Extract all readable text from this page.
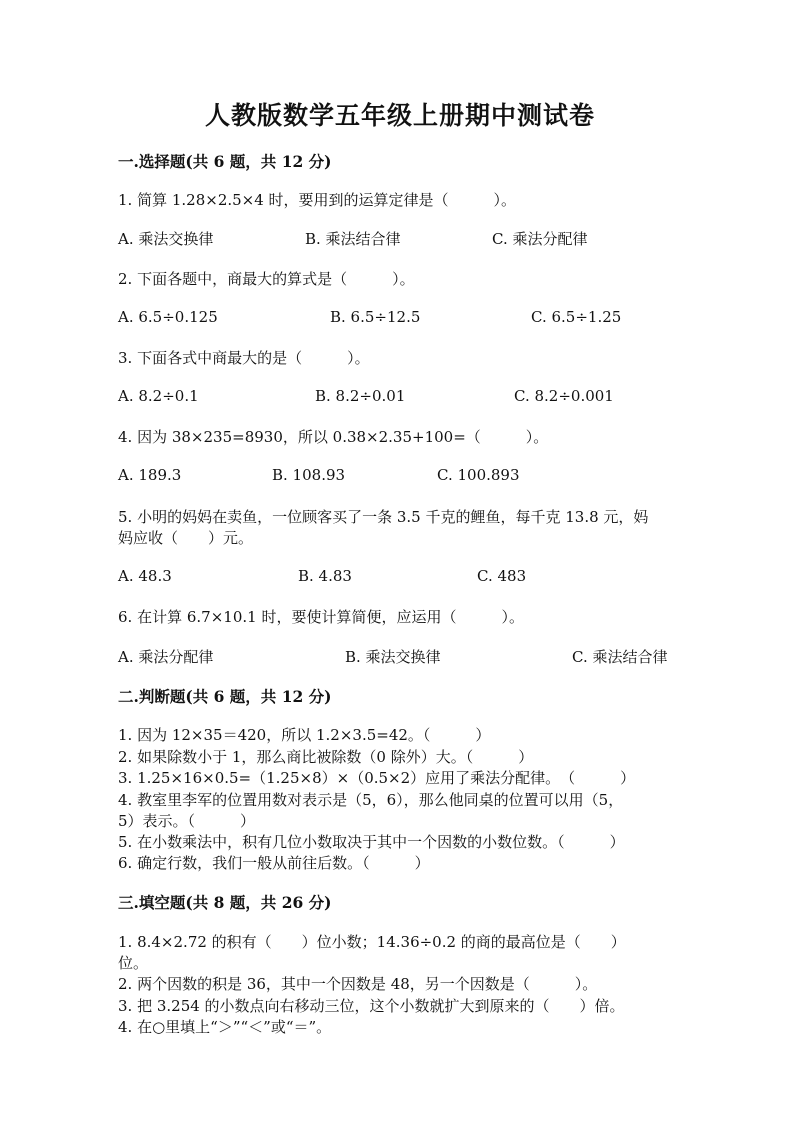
人教版数学五年级上册期中测试卷
一.选择题(共 6 题，共 12 分)
1. 简算 1.28×2.5×4 时，要用到的运算定律是（　　　）。
A. 乘法交换律	B. 乘法结合律	C. 乘法分配律
2. 下面各题中，商最大的算式是（　　　）。
A. 6.5÷0.125	B. 6.5÷12.5	C. 6.5÷1.25
3. 下面各式中商最大的是（　　　）。
A. 8.2÷0.1	B. 8.2÷0.01	C. 8.2÷0.001
4. 因为 38×235=8930，所以 0.38×2.35+100=（　　　）。
A. 189.3	B. 108.93	C. 100.893
5. 小明的妈妈在卖鱼，一位顾客买了一条 3.5 千克的鲤鱼，每千克 13.8 元，妈
妈应收（　　）元。
A. 48.3	B. 4.83	C. 483
6. 在计算 6.7×10.1 时，要使计算简便，应运用（　　　）。
A. 乘法分配律	B. 乘法交换律	C. 乘法结合律
二.判断题(共 6 题，共 12 分)
1. 因为 12×35＝420，所以 1.2×3.5=42。（　　　）
2. 如果除数小于 1，那么商比被除数（0 除外）大。（　　　）
3. 1.25×16×0.5=（1.25×8）×（0.5×2）应用了乘法分配律。　（　　　）
4. 教室里李军的位置用数对表示是（5，6），那么他同桌的位置可以用（5，
5）表示。（　　　）
5. 在小数乘法中，积有几位小数取决于其中一个因数的小数位数。（　　　）
6. 确定行数，我们一般从前往后数。（　　　）
三.填空题(共 8 题，共 26 分)
1. 8.4×2.72 的积有（　　）位小数；14.36÷0.2 的商的最高位是（　　）
位。
2. 两个因数的积是 36，其中一个因数是 48，另一个因数是（　　　）。
3. 把 3.254 的小数点向右移动三位，这个小数就扩大到原来的（　　）倍。
4. 在○里填上“＞”“＜”或“＝”。
